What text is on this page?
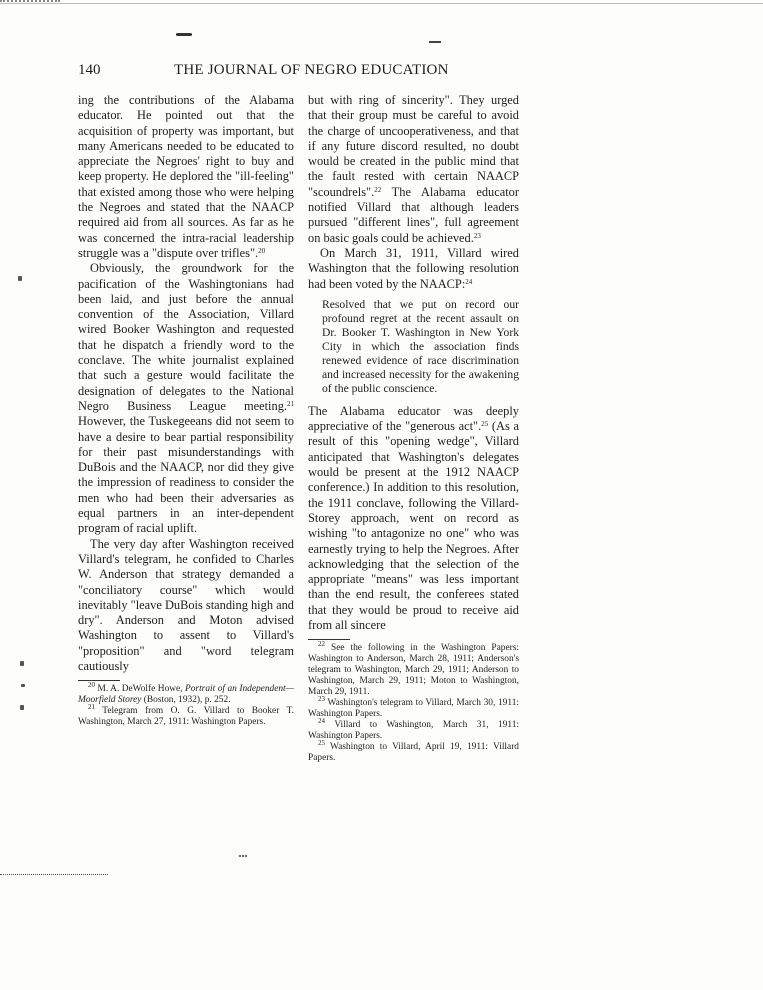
140	THE JOURNAL OF NEGRO EDUCATION

ing the contributions of the Alabama educator. He pointed out that the acquisition of property was important, but many Americans needed to be educated to appreciate the Negroes' right to buy and keep property. He deplored the "ill-feeling" that existed among those who were helping the Negroes and stated that the NAACP required aid from all sources. As far as he was concerned the intra-racial leadership struggle was a "dispute over trifles".$^{20}$

Obviously, the groundwork for the pacification of the Washingtonians had been laid, and just before the annual convention of the Association, Villard wired Booker Washington and requested that he dispatch a friendly word to the conclave. The white journalist explained that such a gesture would facilitate the designation of delegates to the National Negro Business League meeting.$^{21}$ However, the Tuskegeeans did not seem to have a desire to bear partial responsibility for their past misunderstandings with DuBois and the NAACP, nor did they give the impression of readiness to consider the men who had been their adversaries as equal partners in an inter-dependent program of racial uplift.

The very day after Washington received Villard's telegram, he confided to Charles W. Anderson that strategy demanded a "conciliatory course" which would inevitably "leave DuBois standing high and dry". Anderson and Moton advised Washington to assent to Villard's "proposition" and "word telegram cautiously

$^{20}$ M. A. DeWolfe Howe, Portrait of an Independent—Moorfield Storey (Boston, 1932), p. 252.
$^{21}$ Telegram from O. G. Villard to Booker T. Washington, March 27, 1911: Washington Papers.

but with ring of sincerity". They urged that their group must be careful to avoid the charge of uncooperativeness, and that if any future discord resulted, no doubt would be created in the public mind that the fault rested with certain NAACP "scoundrels".$^{22}$ The Alabama educator notified Villard that although leaders pursued "different lines", full agreement on basic goals could be achieved.$^{23}$

On March 31, 1911, Villard wired Washington that the following resolution had been voted by the NAACP:$^{24}$

Resolved that we put on record our profound regret at the recent assault on Dr. Booker T. Washington in New York City in which the association finds renewed evidence of race discrimination and increased necessity for the awakening of the public conscience.

The Alabama educator was deeply appreciative of the "generous act".$^{25}$ (As a result of this "opening wedge", Villard anticipated that Washington's delegates would be present at the 1912 NAACP conference.) In addition to this resolution, the 1911 conclave, following the Villard-Storey approach, went on record as wishing "to antagonize no one" who was earnestly trying to help the Negroes. After acknowledging that the selection of the appropriate "means" was less important than the end result, the conferees stated that they would be proud to receive aid from all sincere

$^{22}$ See the following in the Washington Papers: Washington to Anderson, March 28, 1911; Anderson's telegram to Washington, March 29, 1911; Anderson to Washington, March 29, 1911; Moton to Washington, March 29, 1911.
$^{23}$ Washington's telegram to Villard, March 30, 1911: Washington Papers.
$^{24}$ Villard to Washington, March 31, 1911: Washington Papers.
$^{25}$ Washington to Villard, April 19, 1911: Villard Papers.
